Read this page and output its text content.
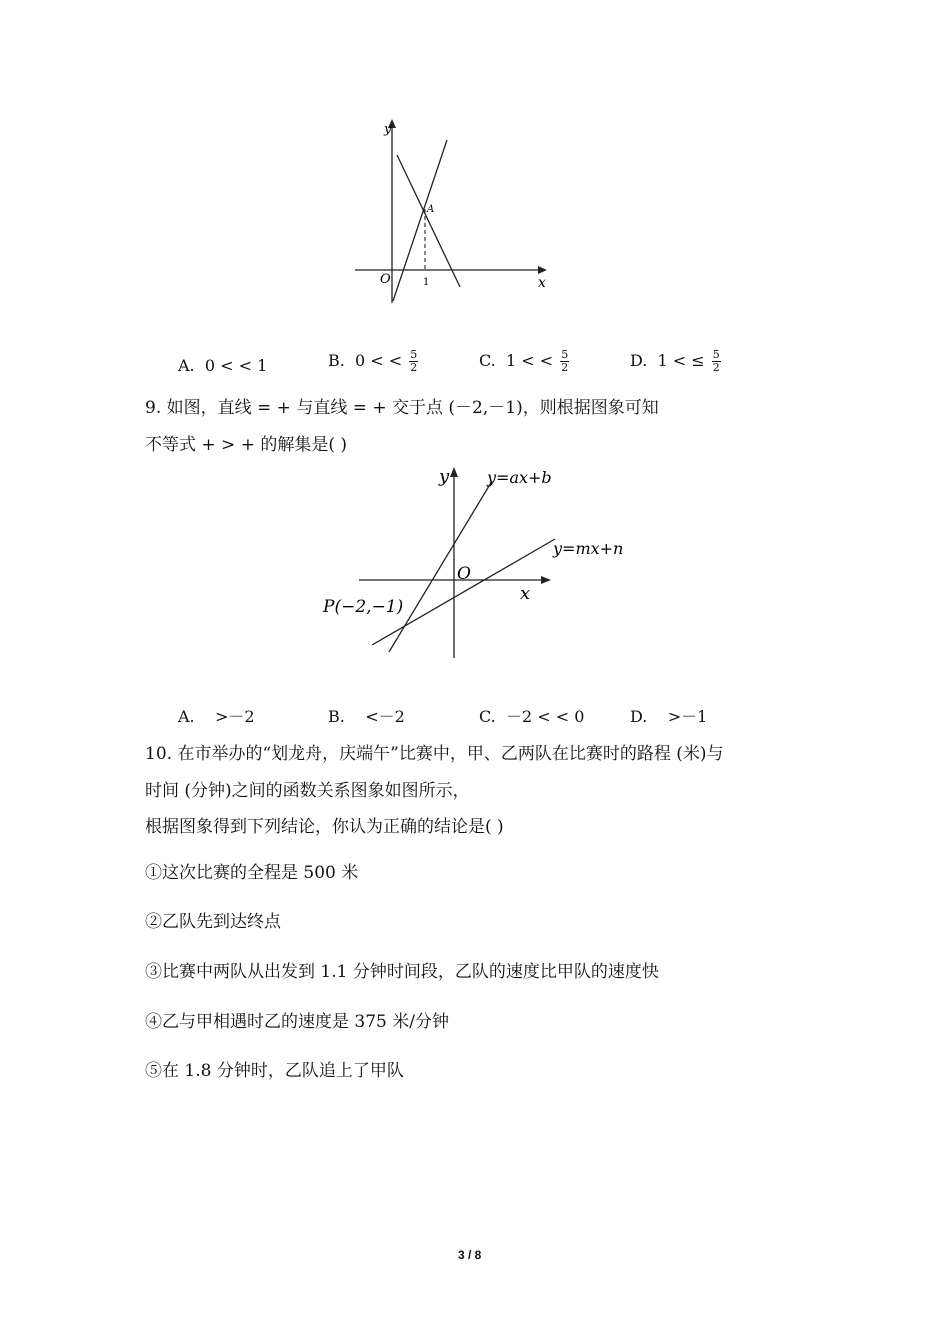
y
x
O
A
1
A. 0 < < 1	B. 0 < < $\frac{5}{2}$	C. 1 < < $\frac{5}{2}$	D. 1 < ≤ $\frac{5}{2}$
9. 如图，直线 = + 与直线 = + 交于点 (－2,－1)，则根据图象可知
不等式 + > + 的解集是( )
y
x
O
y=ax+b
y=mx+n
P(−2,−1)
A.    >－2	B.    <－2	C. －2 < < 0	D.    >－1
10. 在市举办的“划龙舟，庆端午”比赛中，甲、乙两队在比赛时的路程 (米)与
时间 (分钟)之间的函数关系图象如图所示，
根据图象得到下列结论，你认为正确的结论是( )
①这次比赛的全程是 500 米
②乙队先到达终点
③比赛中两队从出发到 1.1 分钟时间段，乙队的速度比甲队的速度快
④乙与甲相遇时乙的速度是 375 米/分钟
⑤在 1.8 分钟时，乙队追上了甲队
3 / 8
